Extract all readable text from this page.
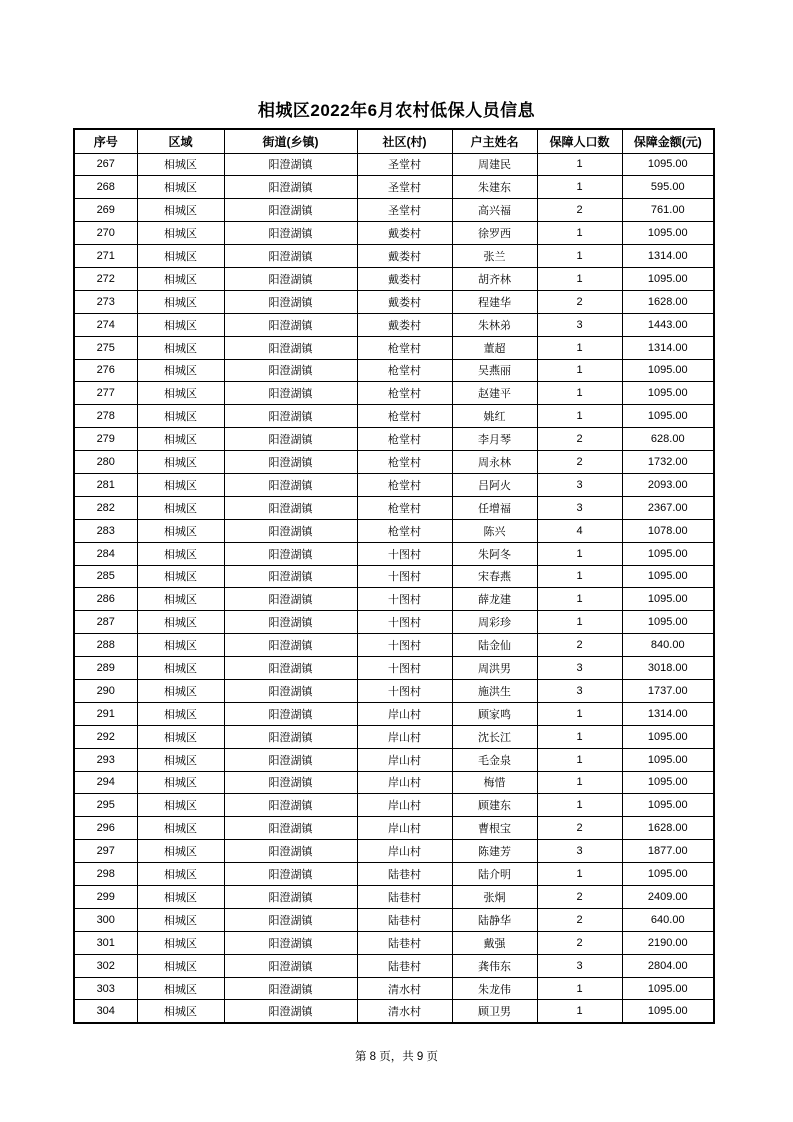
相城区2022年6月农村低保人员信息
序号	区域	街道(乡镇)	社区(村)	户主姓名	保障人口数	保障金额(元)
267	相城区	阳澄湖镇	圣堂村	周建民	1	1095.00
268	相城区	阳澄湖镇	圣堂村	朱建东	1	595.00
269	相城区	阳澄湖镇	圣堂村	高兴福	2	761.00
270	相城区	阳澄湖镇	戴娄村	徐罗西	1	1095.00
271	相城区	阳澄湖镇	戴娄村	张兰	1	1314.00
272	相城区	阳澄湖镇	戴娄村	胡齐林	1	1095.00
273	相城区	阳澄湖镇	戴娄村	程建华	2	1628.00
274	相城区	阳澄湖镇	戴娄村	朱林弟	3	1443.00
275	相城区	阳澄湖镇	枪堂村	董超	1	1314.00
276	相城区	阳澄湖镇	枪堂村	吴燕丽	1	1095.00
277	相城区	阳澄湖镇	枪堂村	赵建平	1	1095.00
278	相城区	阳澄湖镇	枪堂村	姚红	1	1095.00
279	相城区	阳澄湖镇	枪堂村	李月琴	2	628.00
280	相城区	阳澄湖镇	枪堂村	周永林	2	1732.00
281	相城区	阳澄湖镇	枪堂村	吕阿火	3	2093.00
282	相城区	阳澄湖镇	枪堂村	任增福	3	2367.00
283	相城区	阳澄湖镇	枪堂村	陈兴	4	1078.00
284	相城区	阳澄湖镇	十图村	朱阿冬	1	1095.00
285	相城区	阳澄湖镇	十图村	宋春燕	1	1095.00
286	相城区	阳澄湖镇	十图村	薛龙建	1	1095.00
287	相城区	阳澄湖镇	十图村	周彩珍	1	1095.00
288	相城区	阳澄湖镇	十图村	陆金仙	2	840.00
289	相城区	阳澄湖镇	十图村	周洪男	3	3018.00
290	相城区	阳澄湖镇	十图村	施洪生	3	1737.00
291	相城区	阳澄湖镇	岸山村	顾家鸣	1	1314.00
292	相城区	阳澄湖镇	岸山村	沈长江	1	1095.00
293	相城区	阳澄湖镇	岸山村	毛金泉	1	1095.00
294	相城区	阳澄湖镇	岸山村	梅惜	1	1095.00
295	相城区	阳澄湖镇	岸山村	顾建东	1	1095.00
296	相城区	阳澄湖镇	岸山村	曹根宝	2	1628.00
297	相城区	阳澄湖镇	岸山村	陈建芳	3	1877.00
298	相城区	阳澄湖镇	陆巷村	陆介明	1	1095.00
299	相城区	阳澄湖镇	陆巷村	张烔	2	2409.00
300	相城区	阳澄湖镇	陆巷村	陆静华	2	640.00
301	相城区	阳澄湖镇	陆巷村	戴强	2	2190.00
302	相城区	阳澄湖镇	陆巷村	龚伟东	3	2804.00
303	相城区	阳澄湖镇	清水村	朱龙伟	1	1095.00
304	相城区	阳澄湖镇	清水村	顾卫男	1	1095.00
第 8 页，共 9 页
